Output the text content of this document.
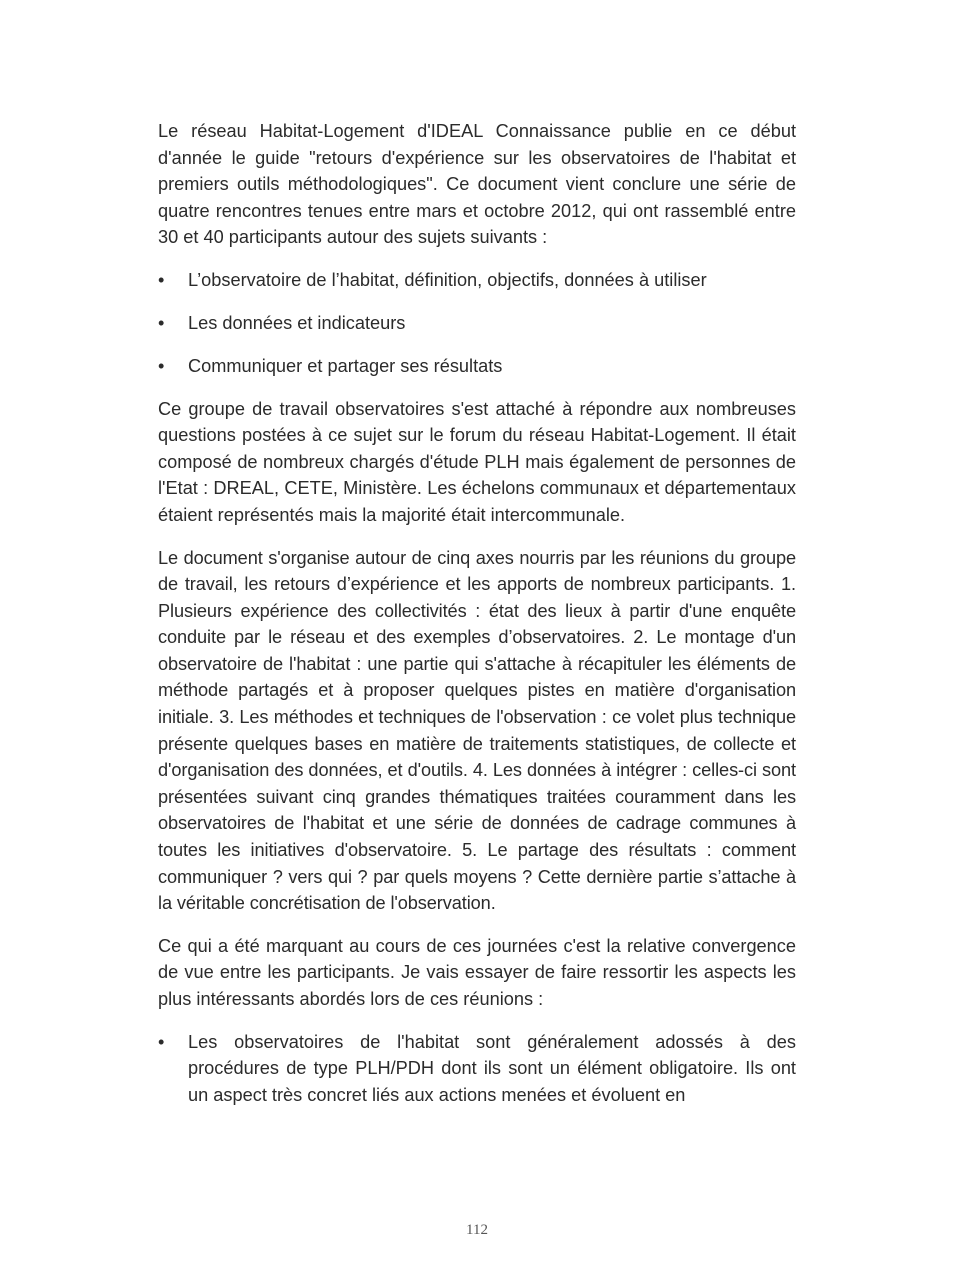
Le réseau Habitat-Logement d'IDEAL Connaissance publie en ce début d'année le guide "retours d'expérience sur les observatoires de l'habitat et premiers outils méthodologiques". Ce document vient conclure une série de quatre rencontres tenues entre mars et octobre 2012, qui ont rassemblé entre 30 et 40 participants autour des sujets suivants :

•	L’observatoire de l’habitat, définition, objectifs, données à utiliser
•	Les données et indicateurs
•	Communiquer et partager ses résultats

Ce groupe de travail observatoires s'est attaché à répondre aux nombreuses questions postées à ce sujet sur le forum du réseau Habitat-Logement. Il était composé de nombreux chargés d'étude PLH mais également de personnes de l'Etat : DREAL, CETE, Ministère. Les échelons communaux et départementaux étaient représentés mais la majorité était intercommunale.

Le document s'organise autour de cinq axes nourris par les réunions du groupe de travail, les retours d’expérience et les apports de nombreux participants. 1. Plusieurs expérience des collectivités : état des lieux à partir d'une enquête conduite par le réseau et des exemples d’observatoires. 2. Le montage d'un observatoire de l'habitat : une partie qui s'attache à récapituler les éléments de méthode partagés et à proposer quelques pistes en matière d'organisation initiale. 3. Les méthodes et techniques de l'observation : ce volet plus technique présente quelques bases en matière de traitements statistiques, de collecte et d'organisation des données, et d'outils. 4. Les données à intégrer : celles-ci sont présentées suivant cinq grandes thématiques traitées couramment dans les observatoires de l'habitat et une série de données de cadrage communes à toutes les initiatives d'observatoire. 5. Le partage des résultats : comment communiquer ? vers qui ? par quels moyens ? Cette dernière partie s’attache à la véritable concrétisation de l'observation.

Ce qui a été marquant au cours de ces journées c'est la relative convergence de vue entre les participants. Je vais essayer de faire ressortir les aspects les plus intéressants abordés lors de ces réunions :

•	Les observatoires de l'habitat sont généralement adossés à des procédures de type PLH/PDH dont ils sont un élément obligatoire. Ils ont un aspect très concret liés aux actions menées et évoluent en
112
